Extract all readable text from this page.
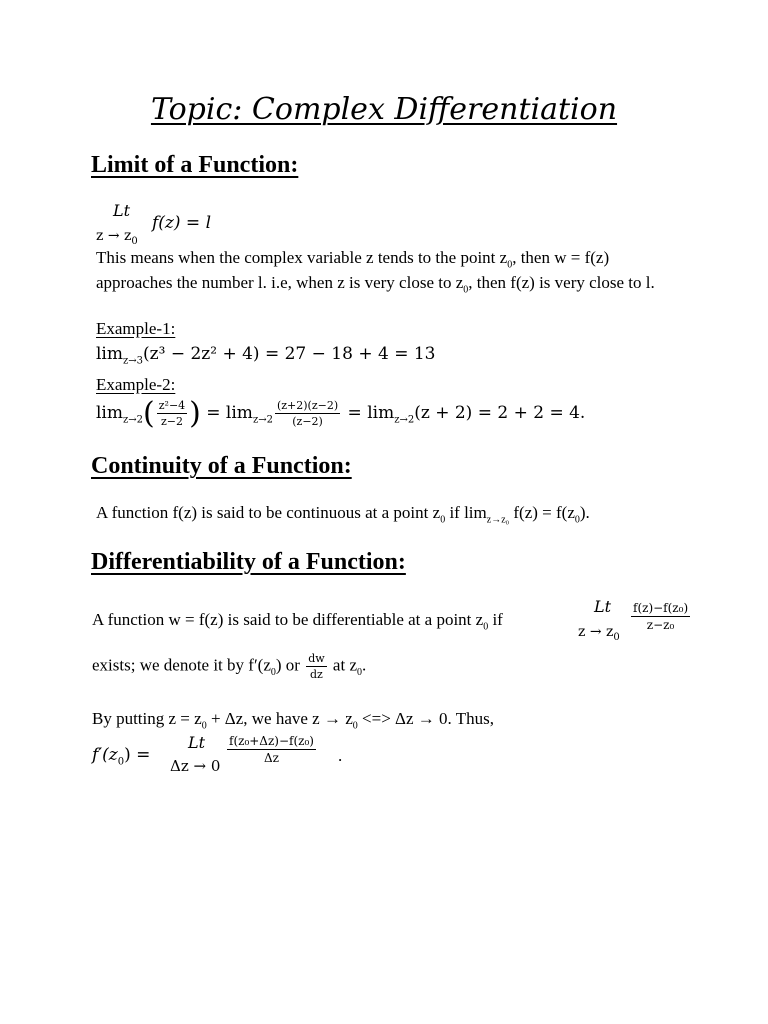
Topic: Complex Differentiation
Limit of a Function:
Lt
$z \to z_0$
f(z) = l
This means when the complex variable z tends to the point $z_0$, then w = f(z)
approaches the number l. i.e, when z is very close to $z_0$, then f(z) is very close to l.
Example-1:
$\lim_{z\to 3}(z^3 - 2z^2 + 4) = 27 - 18 + 4 = 13$
Example-2:
$\lim_{z\to 2}( \frac{\text{z²−4}}{z-2}$ ) = $\lim_{z\to 2} \frac{(z+2)(z-2)}{(z-2)} = \lim_{z\to 2}(z + 2) = 2 + 2 = 4$.
Continuity of a Function:
A function f(z) is said to be continuous at a point $z_0$ if $\lim_{z\to z_0} f(z) = f(z_0)$.
Differentiability of a Function:
A function w = f(z) is said to be differentiable at a point $z_0$ if
Lt
$z \to z_0$
$\frac{\text{f(z)−f(z₀)}}{\text{z−z₀}}$
exists; we denote it by $f'(z_0)$ or $\frac{dw}{dz}$ at $z_0$.
By putting $z = z_0 + \Delta z$, we have $z \to z_0$ <=> Δz → 0. Thus,
$f'(z_0)$ =
Lt
Δz → 0
$\frac{\text{f(z₀+Δz)−f(z₀)}}{\Delta z}$ .
